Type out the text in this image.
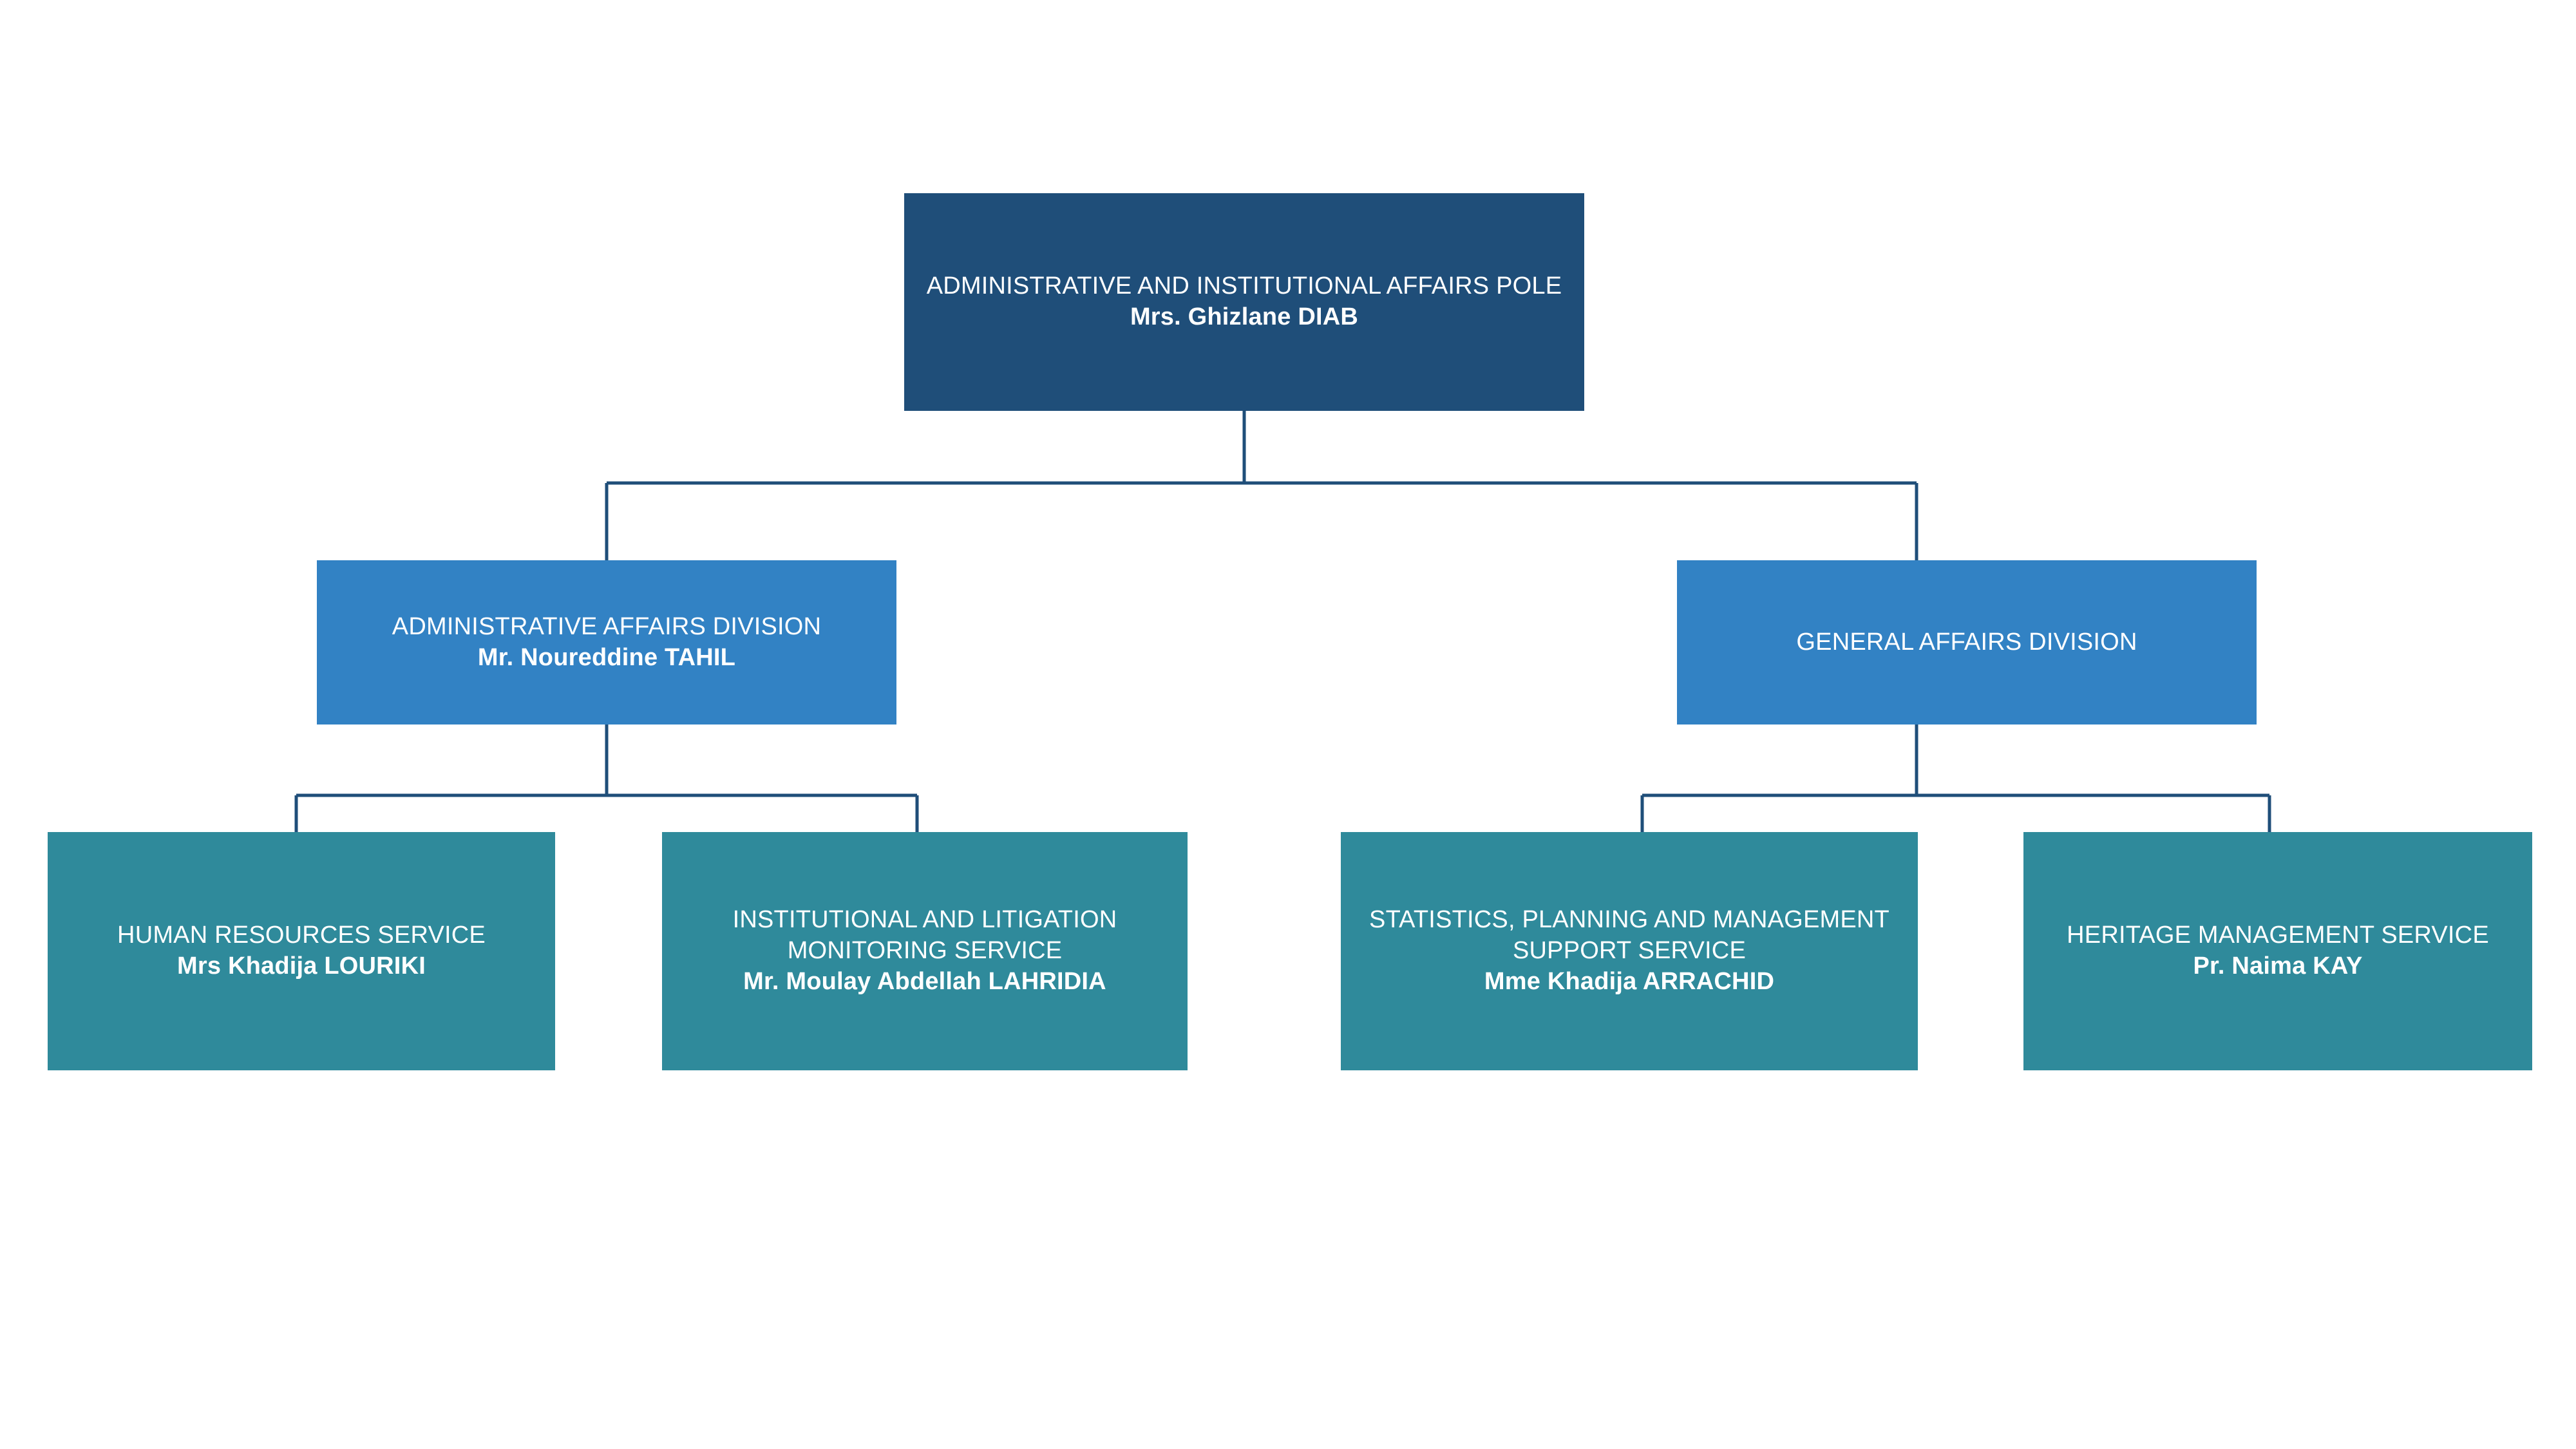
ADMINISTRATIVE AND INSTITUTIONAL AFFAIRS POLE
Mrs. Ghizlane DIAB
ADMINISTRATIVE AFFAIRS DIVISION
Mr. Noureddine TAHIL
GENERAL AFFAIRS DIVISION
HUMAN RESOURCES SERVICE
Mrs Khadija LOURIKI
INSTITUTIONAL AND LITIGATION MONITORING SERVICE
Mr. Moulay Abdellah LAHRIDIA
STATISTICS, PLANNING AND MANAGEMENT SUPPORT SERVICE
Mme Khadija ARRACHID
HERITAGE MANAGEMENT SERVICE
Pr. Naima KAY
